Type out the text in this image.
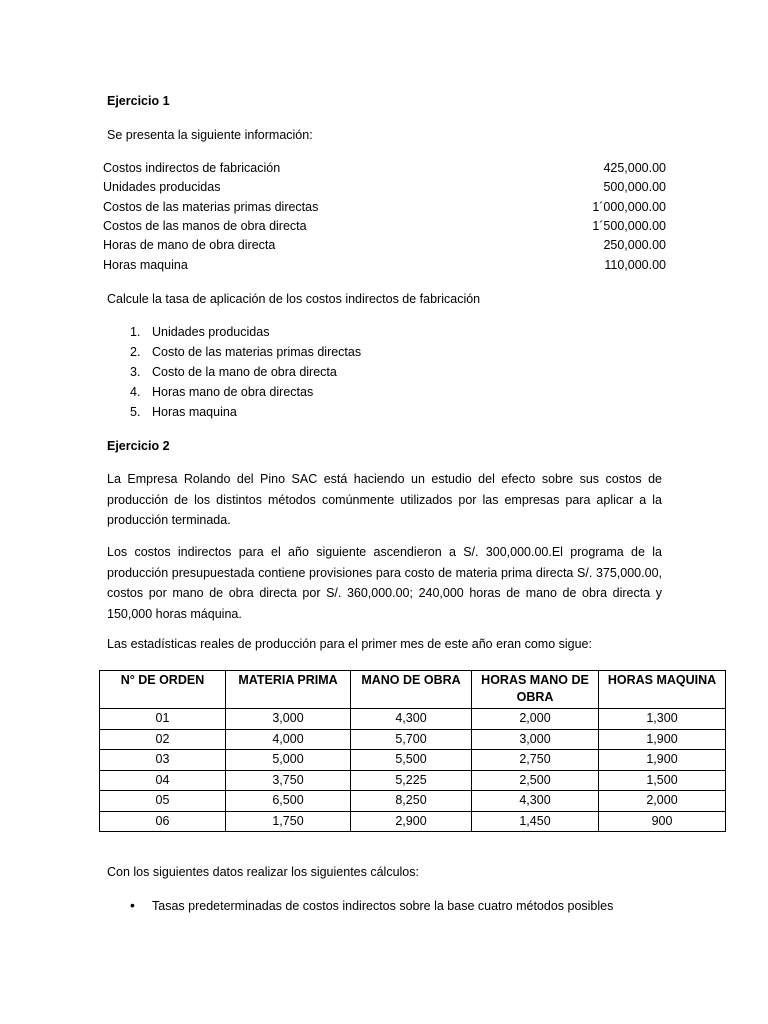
Ejercicio 1
Se presenta la siguiente información:
Costos indirectos de fabricación	425,000.00
Unidades producidas	500,000.00
Costos de las materias primas directas	1´000,000.00
Costos de las manos de obra directa	1´500,000.00
Horas de mano de obra directa	250,000.00
Horas maquina	110,000.00
Calcule la tasa de aplicación de los costos indirectos de fabricación
1. Unidades producidas
2. Costo de las materias primas directas
3. Costo de la mano de obra directa
4. Horas mano de obra directas
5. Horas maquina
Ejercicio 2

La Empresa Rolando del Pino SAC está haciendo un estudio del efecto sobre sus costos de producción de los distintos métodos comúnmente utilizados por las empresas para aplicar a la producción terminada.

Los costos indirectos para el año siguiente ascendieron a S/. 300,000.00.El programa de la producción presupuestada contiene provisiones para costo de materia prima directa S/. 375,000.00, costos por mano de obra directa por S/. 360,000.00; 240,000 horas de mano de obra directa y 150,000 horas máquina.

Las estadísticas reales de producción para el primer mes de este año eran como sigue:
N° DE ORDEN	MATERIA PRIMA	MANO DE OBRA	HORAS MANO DE OBRA	HORAS MAQUINA
01	3,000	4,300	2,000	1,300
02	4,000	5,700	3,000	1,900
03	5,000	5,500	2,750	1,900
04	3,750	5,225	2,500	1,500
05	6,500	8,250	4,300	2,000
06	1,750	2,900	1,450	900
Con los siguientes datos realizar los siguientes cálculos:
• Tasas predeterminadas de costos indirectos sobre la base cuatro métodos posibles
